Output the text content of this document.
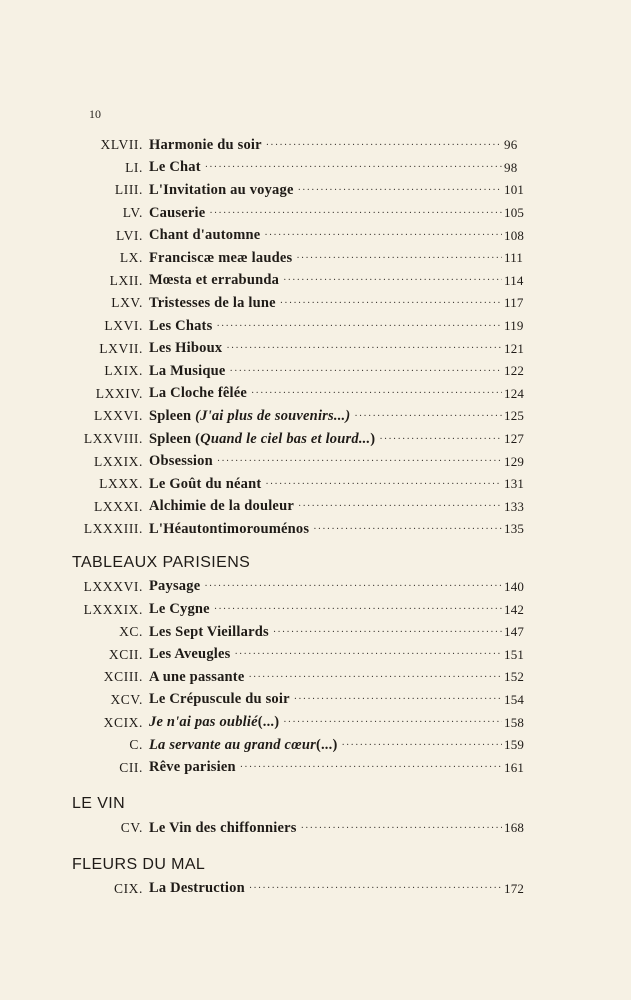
10
XLVII. Harmonie du soir ·····	96
LI. Le Chat ·····	98
LIII. L'Invitation au voyage ·····	101
LV. Causerie ·····	105
LVI. Chant d'automne ·····	108
LX. Franciscæ meæ laudes ·····	111
LXII. Mœsta et errabunda ·····	114
LXV. Tristesses de la lune ·····	117
LXVI. Les Chats ·····	119
LXVII. Les Hiboux ·····	121
LXIX. La Musique ·····	122
LXXIV. La Cloche fêlée ·····	124
LXXVI. Spleen (J'ai plus de souvenirs...) ·····	125
LXXVIII. Spleen (Quand le ciel bas et lourd...) ·····	127
LXXIX. Obsession ·····	129
LXXX. Le Goût du néant ·····	131
LXXXI. Alchimie de la douleur ·····	133
LXXXIII. L'Héautontimorouménos ·····	135
TABLEAUX PARISIENS
LXXXVI. Paysage ·····	140
LXXXIX. Le Cygne ·····	142
XC. Les Sept Vieillards ·····	147
XCII. Les Aveugles ·····	151
XCIII. A une passante ·····	152
XCV. Le Crépuscule du soir ·····	154
XCIX. Je n'ai pas oublié(...) ·····	158
C. La servante au grand cœur(...) ·····	159
CII. Rêve parisien ·····	161
LE VIN
CV. Le Vin des chiffonniers ·····	168
FLEURS DU MAL
CIX. La Destruction ·····	172
